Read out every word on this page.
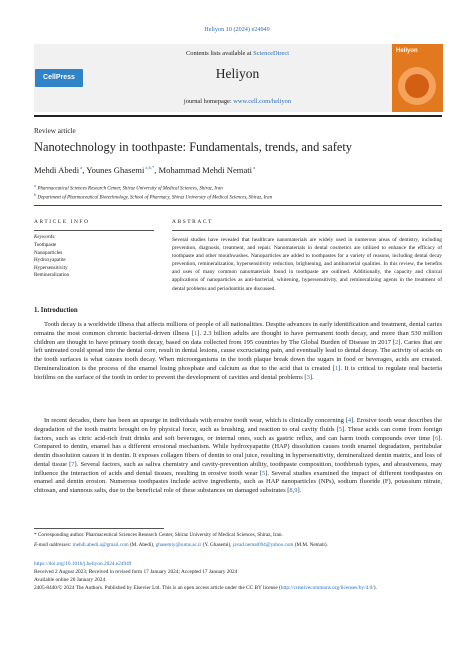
Heliyon 10 (2024) e24949
CellPress
Contents lists available at ScienceDirect
Heliyon
journal homepage: www.cell.com/heliyon
Heliyon
Review article
Nanotechnology in toothpaste: Fundamentals, trends, and safety
Mehdi Abedi $^a$, Younes Ghasemi $^{a,b,*}$, Mohammad Mehdi Nemati $^a$
a Pharmaceutical Sciences Research Center, Shiraz University of Medical Sciences, Shiraz, Iran
b Department of Pharmaceutical Biotechnology, School of Pharmacy, Shiraz University of Medical Sciences, Shiraz, Iran
ARTICLE INFO
Keywords:
Toothpaste
Nanoparticles
Hydroxyapatite
Hypersensitivity
Remineralization
ABSTRACT
Several studies have revealed that healthcare nanomaterials are widely used in numerous areas of dentistry, including prevention, diagnosis, treatment, and repair. Nanomaterials in dental cosmetics are utilized to enhance the efficacy of toothpaste and other mouthwashes. Nanoparticles are added to toothpastes for a variety of reasons, including dental decay prevention, remineralization, hypersensitivity reduction, brightening, and antibacterial qualities. In this review, the benefits and uses of many common nanomaterials found in toothpaste are outlined. Additionally, the capacity and clinical applications of nanoparticles as anti-bacterial, whitening, hypersensitivity, and remineralizing agents in the treatment of dental problems and periodontitis are discussed.
1. Introduction
Tooth decay is a worldwide illness that affects millions of people of all nationalities. Despite advances in early identification and treatment, dental caries remains the most common chronic bacterial-driven illness [1]. 2.3 billion adults are thought to have permanent tooth decay, and more than 530 million children are thought to have primary tooth decay, based on data collected from 195 countries by The Global Burden of Disease in 2017 [2]. Caries that are left untreated could spread into the dental core, result in dental lesions, cause excruciating pain, and eventually lead to dental decay. The activity of acids on the tooth surfaces is what causes tooth decay. When microorganisms in the tooth plaque break down the sugars in food or beverages, acids are created. Demineralization is the process of the enamel losing phosphate and calcium as due to the acid that is created [1]. It is critical to regulate oral bacteria biofilms on the surface of the tooth in order to prevent the development of cavities and dental problems [3].
In recent decades, there has been an upsurge in individuals with erosive tooth wear, which is clinically concerning [4]. Erosive tooth wear describes the degradation of the tooth matrix brought on by physical force, such as brushing, and reaction to oral cavity fluids [5]. These acids can come from foreign factors, such as citric acid-rich fruit drinks and soft beverages, or internal ones, such as gastric reflux, and can harm tooth compounds over time [6]. Compared to dentin, enamel has a different erosional mechanism. While hydroxyapatite (HAP) dissolution causes tooth enamel degradation, peritubular dentin dissolution causes it in dentin. It exposes collagen fibers of dentin to oral juice, resulting in hypersensitivity, demineralized dentin matrix, and loss of dental tissue [7]. Several factors, such as saliva chemistry and cavity-prevention ability, toothpaste composition, toothbrush types, and abrasiveness, may influence the interaction of acids and dental tissues, resulting in erosive tooth wear [5]. Several studies examined the impact of different toothpastes on enamel and dentin erosion. Numerous toothpastes include active ingredients, such as HAP nanoparticles (NPs), sodium fluoride (F), potassium nitrate, chitosan, and stannous salts, due to the beneficial role of these substances on damaged substrates [8,9].
* Corresponding author. Pharmaceutical Sciences Research Center, Shiraz University of Medical Sciences, Shiraz, Iran.
E-mail addresses: mehdi.abedi.a@gmail.com (M. Abedi), ghasemiy@sums.ac.ir (Y. Ghasemi), javad.nemat094@yahoo.com (M.M. Nemati).
https://doi.org/10.1016/j.heliyon.2024.e24949
Received 2 August 2023; Received in revised form 17 January 2024; Accepted 17 January 2024
Available online 20 January 2024
2405-8440/© 2024 The Authors. Published by Elsevier Ltd. This is an open access article under the CC BY license (http://creativecommons.org/licenses/by/4.0/).
